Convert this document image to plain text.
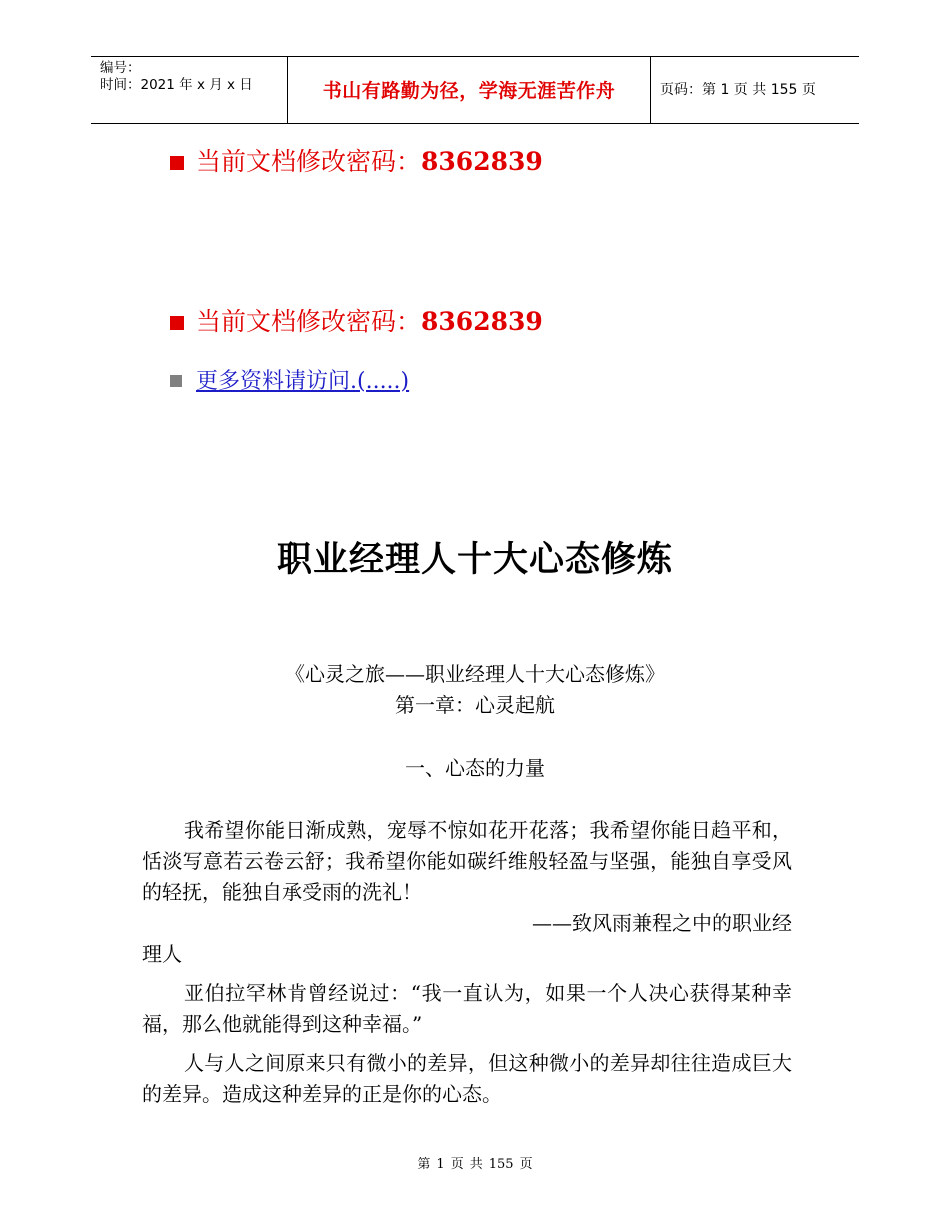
编号：
时间：2021 年 x 月 x 日	书山有路勤为径，学海无涯苦作舟	页码：第 1 页 共 155 页
当前文档修改密码：8362839
当前文档修改密码：8362839
更多资料请访问.(.....)
职业经理人十大心态修炼
《心灵之旅——职业经理人十大心态修炼》
第一章：心灵起航
一、心态的力量

我希望你能日渐成熟，宠辱不惊如花开花落；我希望你能日趋平和，恬淡写意若云卷云舒；我希望你能如碳纤维般轻盈与坚强，能独自享受风的轻抚，能独自承受雨的洗礼！

——致风雨兼程之中的职业经

理人

亚伯拉罕林肯曾经说过：“我一直认为，如果一个人决心获得某种幸福，那么他就能得到这种幸福。”

人与人之间原来只有微小的差异，但这种微小的差异却往往造成巨大的差异。造成这种差异的正是你的心态。

第 1 页 共 155 页
